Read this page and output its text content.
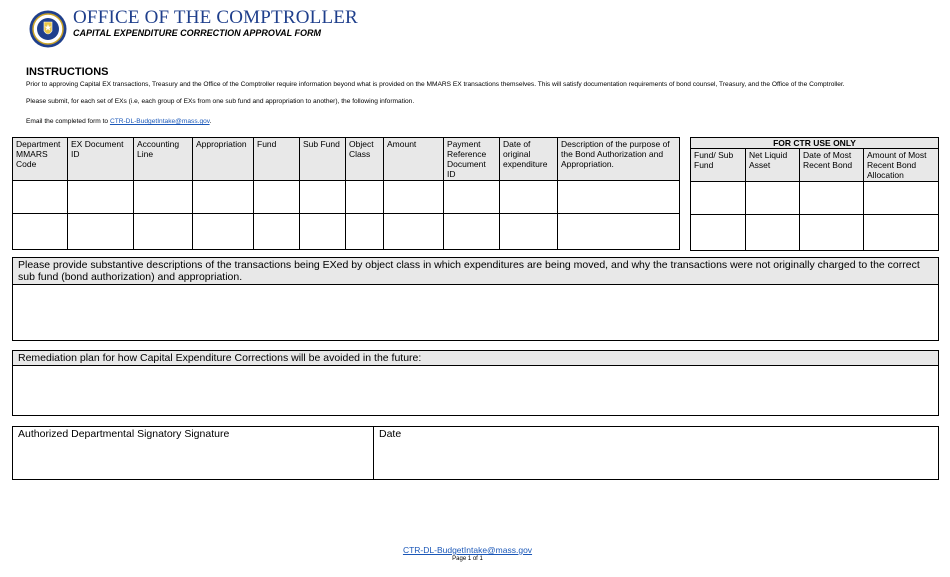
OFFICE OF THE COMPTROLLER
CAPITAL EXPENDITURE CORRECTION APPROVAL FORM
INSTRUCTIONS
Prior to approving Capital EX transactions, Treasury and the Office of the Comptroller require information beyond what is provided on the MMARS EX transactions themselves. This will satisfy documentation requirements of bond counsel, Treasury, and the Office of the Comptroller.
Please submit, for each set of EXs (i.e, each group of EXs from one sub fund and appropriation to another), the following information.
Email the completed form to CTR-DL-BudgetIntake@mass.gov.
Department MMARS Code	EX Document ID	Accounting Line	Appropriation	Fund	Sub Fund	Object Class	Amount	Payment Reference Document ID	Date of original expenditure	Description of the purpose of the Bond Authorization and Appropriation.

FOR CTR USE ONLY			
Fund/ Sub Fund	Net Liquid Asset	Date of Most Recent Bond	Amount of Most Recent Bond Allocation

Please provide substantive descriptions of the transactions being EXed by object class in which expenditures are being moved, and why the transactions were not originally charged to the correct sub fund (bond authorization) and appropriation.
Remediation plan for how Capital Expenditure Corrections will be avoided in the future:
Authorized Departmental Signatory Signature	Date
CTR-DL-BudgetIntake@mass.gov
Page 1 of 1
